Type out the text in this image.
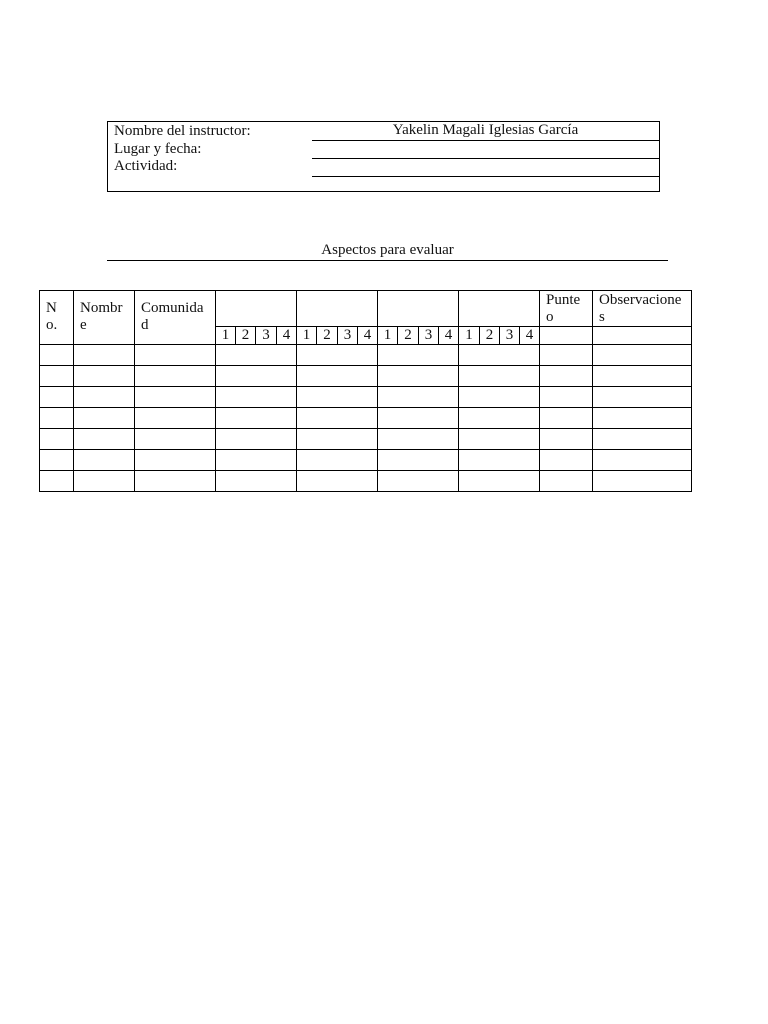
Nombre del instructor:	Yakelin Magali Iglesias García
Lugar y fecha:
Actividad:
Aspectos para evaluar
No.	Nombre	Comunidad																	Punteo	Observaciones
			1	2	3	4	1	2	3	4	1	2	3	4	1	2	3	4		
